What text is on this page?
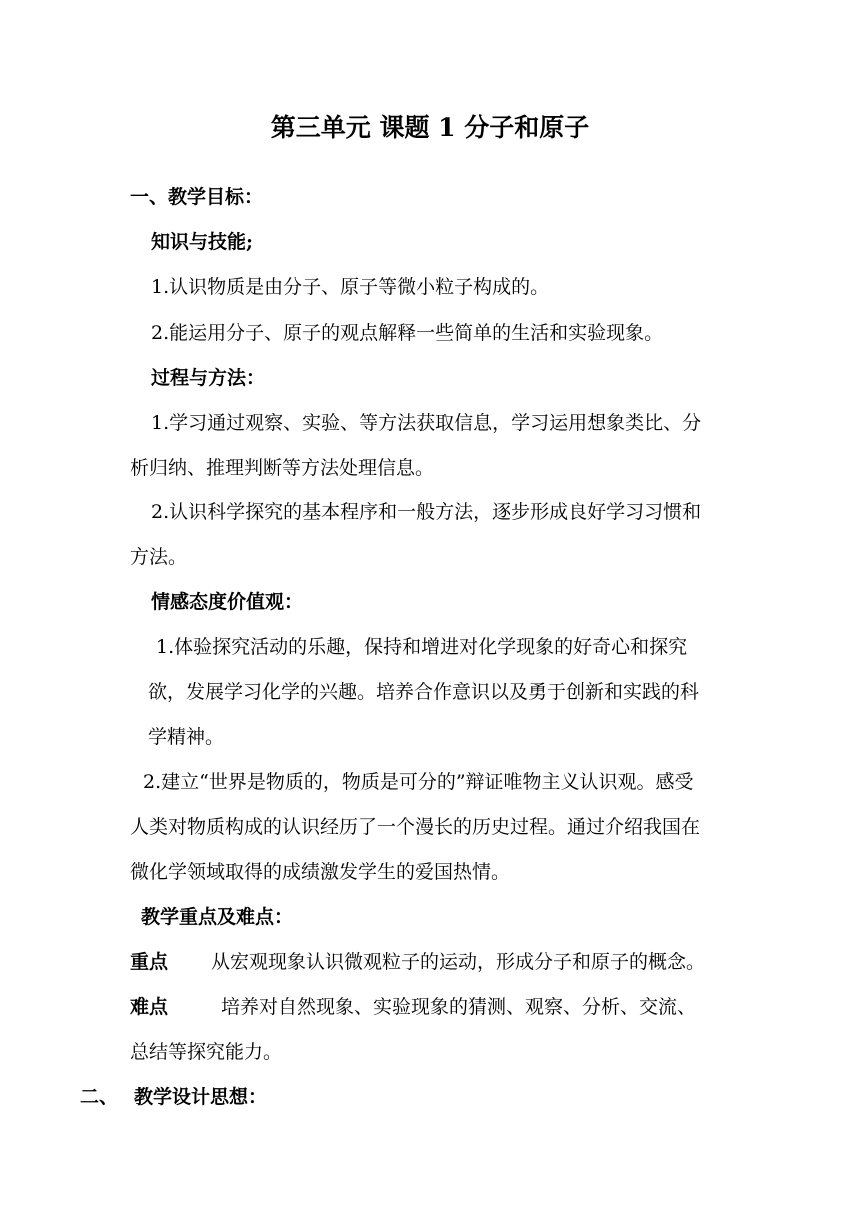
第三单元 课题 1 分子和原子
一、教学目标：
知识与技能;
1.认识物质是由分子、原子等微小粒子构成的。
2.能运用分子、原子的观点解释一些简单的生活和实验现象。
过程与方法：
1.学习通过观察、实验、等方法获取信息，学习运用想象类比、分
析归纳、推理判断等方法处理信息。
2.认识科学探究的基本程序和一般方法，逐步形成良好学习习惯和
方法。
情感态度价值观：
1.体验探究活动的乐趣，保持和增进对化学现象的好奇心和探究
欲，发展学习化学的兴趣。培养合作意识以及勇于创新和实践的科
学精神。
2.建立“世界是物质的，物质是可分的”辩证唯物主义认识观。感受
人类对物质构成的认识经历了一个漫长的历史过程。通过介绍我国在
微化学领域取得的成绩激发学生的爱国热情。
教学重点及难点：
重点 从宏观现象认识微观粒子的运动，形成分子和原子的概念。
难点	培养对自然现象、实验现象的猜测、观察、分析、交流、
总结等探究能力。
二、 教学设计思想：
